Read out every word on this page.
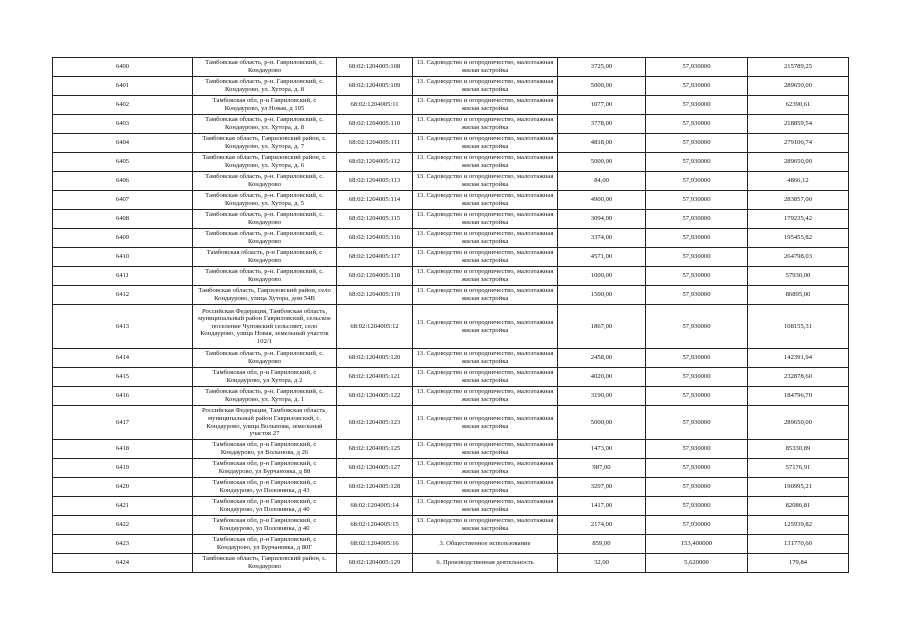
6400	Тамбовская область, р-н. Гавриловский, с. Кондаурово	68:02:1204005:108	13. Садоводство и огородничество, малоэтажная жилая застройка	3725,00	57,930000	215789,25
6401	Тамбовская область, р-н. Гавриловский, с. Кондаурово, ул. Хутора, д. 8	68:02:1204005:109	13. Садоводство и огородничество, малоэтажная жилая застройка	5000,00	57,930000	289650,00
6402	Тамбовская обл, р-н Гавриловский, с Кондаурово, ул Новая, д 105	68:02:1204005:11	13. Садоводство и огородничество, малоэтажная жилая застройка	1077,00	57,930000	62390,61
6403	Тамбовская область, р-н. Гавриловский, с. Кондаурово, ул. Хутора, д. 8	68:02:1204005:110	13. Садоводство и огородничество, малоэтажная жилая застройка	3778,00	57,930000	218859,54
6404	Тамбовская область, Гавриловский район, с. Кондаурово, ул. Хутора, д. 7	68:02:1204005:111	13. Садоводство и огородничество, малоэтажная жилая застройка	4818,00	57,930000	279106,74
6405	Тамбовская область, Гавриловский район, с. Кондаурово, ул. Хутора, д. 6	68:02:1204005:112	13. Садоводство и огородничество, малоэтажная жилая застройка	5000,00	57,930000	289650,00
6406	Тамбовская область, р-н. Гавриловский, с. Кондаурово	68:02:1204005:113	13. Садоводство и огородничество, малоэтажная жилая застройка	84,00	57,930000	4866,12
6407	Тамбовская область, р-н. Гавриловский, с. Кондаурово, ул. Хутора, д. 5	68:02:1204005:114	13. Садоводство и огородничество, малоэтажная жилая застройка	4900,00	57,930000	283857,00
6408	Тамбовская область, р-н. Гавриловский, с. Кондаурово	68:02:1204005:115	13. Садоводство и огородничество, малоэтажная жилая застройка	3094,00	57,930000	179235,42
6409	Тамбовская область, р-н. Гавриловский, с. Кондаурово	68:02:1204005:116	13. Садоводство и огородничество, малоэтажная жилая застройка	3374,00	57,930000	195455,82
6410	Тамбовская область, р-н Гавриловский, с Кондаурово	68:02:1204005:117	13. Садоводство и огородничество, малоэтажная жилая застройка	4571,00	57,930000	264798,03
6411	Тамбовская область, р-н. Гавриловский, с. Кондаурово	68:02:1204005:118	13. Садоводство и огородничество, малоэтажная жилая застройка	1000,00	57,930000	57930,00
6412	Тамбовская область, Гавриловский район, село Кондаурово, улица Хутора, дом 54В	68:02:1204005:119	13. Садоводство и огородничество, малоэтажная жилая застройка	1500,00	57,930000	86895,00
6413	Российская Федерация, Тамбовская область, муниципальный район Гавриловский, сельское поселение Чуповский сельсовет, село Кондаурово, улица Новая, земельный участок 102/1	68:02:1204005:12	13. Садоводство и огородничество, малоэтажная жилая застройка	1867,00	57,930000	108155,31
6414	Тамбовская область, р-н. Гавриловский, с. Кондаурово	68:02:1204005:120	13. Садоводство и огородничество, малоэтажная жилая застройка	2458,00	57,930000	142391,94
6415	Тамбовская обл, р-н Гавриловский, с Кондаурово, ул Хутора, д 2	68:02:1204005:121	13. Садоводство и огородничество, малоэтажная жилая застройка	4020,00	57,930000	232878,60
6416	Тамбовская область, р-н. Гавриловский, с. Кондаурово, ул. Хутора, д. 1	68:02:1204005:122	13. Садоводство и огородничество, малоэтажная жилая застройка	3190,00	57,930000	184796,70
6417	Российская Федерация, Тамбовская область, муниципальный район Гавриловский, с. Кондаурово, улица Волынова, земельный участок 27	68:02:1204005:123	13. Садоводство и огородничество, малоэтажная жилая застройка	5000,00	57,930000	289650,00
6418	Тамбовская обл, р-н Гавриловский, с Кондаурово, ул Волынова, д 26	68:02:1204005:125	13. Садоводство и огородничество, малоэтажная жилая застройка	1473,00	57,930000	85330,89
6419	Тамбовская обл, р-н Гавриловский, с Кондаурово, ул Бурчановка, д 88	68:02:1204005:127	13. Садоводство и огородничество, малоэтажная жилая застройка	987,00	57,930000	57176,91
6420	Тамбовская обл, р-н Гавриловский, с Кондаурово, ул Половинка, д 43	68:02:1204005:128	13. Садоводство и огородничество, малоэтажная жилая застройка	3297,00	57,930000	190995,21
6421	Тамбовская обл, р-н Гавриловский, с Кондаурово, ул Половинка, д 40	68:02:1204005:14	13. Садоводство и огородничество, малоэтажная жилая застройка	1417,00	57,930000	82086,81
6422	Тамбовская обл, р-н Гавриловский, с Кондаурово, ул Половинка, д 40	68:02:1204005:15	13. Садоводство и огородничество, малоэтажная жилая застройка	2174,00	57,930000	125939,82
6423	Тамбовская обл, р-н Гавриловский, с Кондаурово, ул Бурчановка, д 80Г	68:02:1204005:16	3. Общественное использование	859,00	153,400000	131770,60
6424	Тамбовская область, Гавриловский район, с. Кондаурово	68:02:1204005:129	6. Производственная деятельность	32,00	5,620000	179,84
